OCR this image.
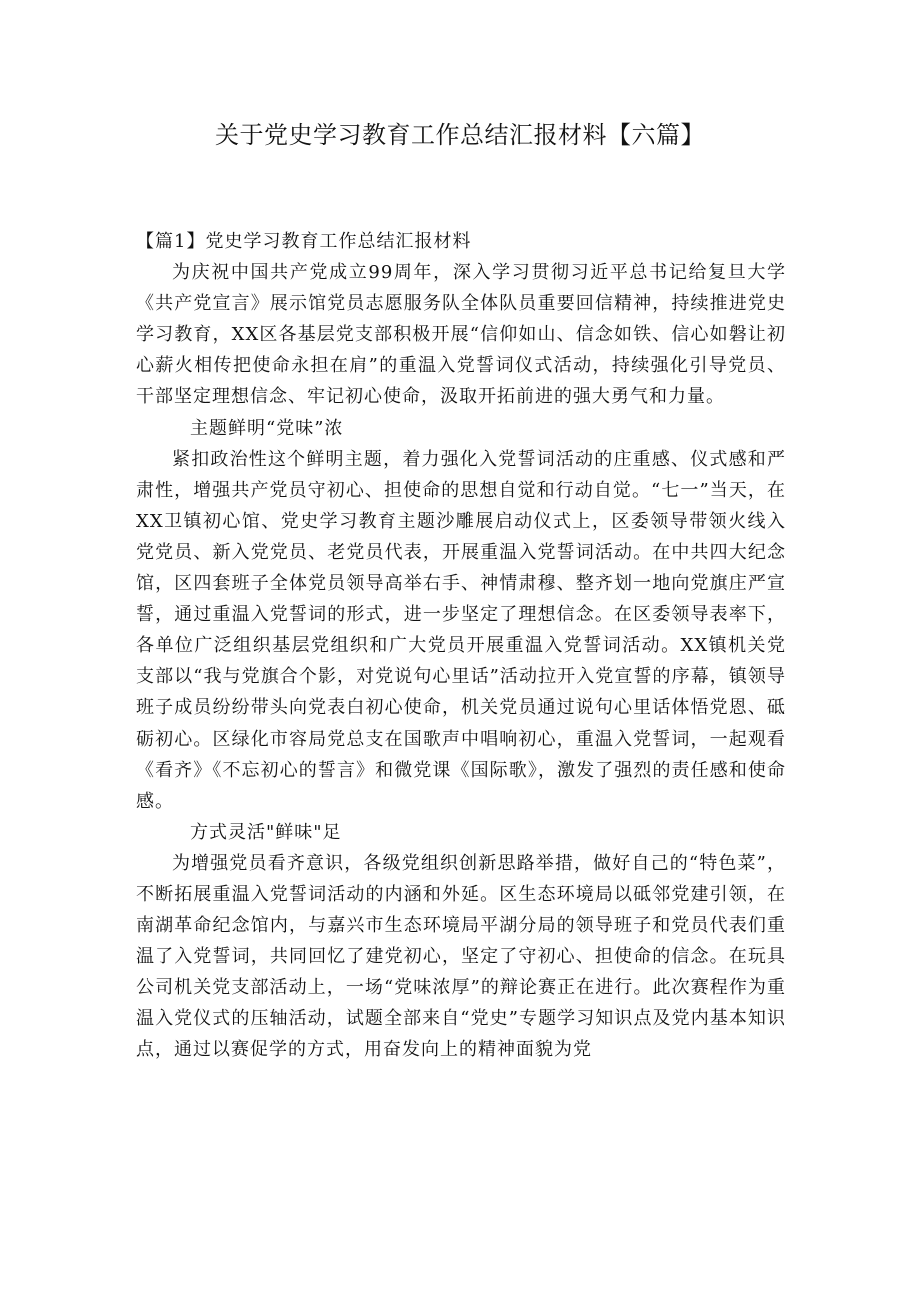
关于党史学习教育工作总结汇报材料【六篇】

【篇1】党史学习教育工作总结汇报材料

为庆祝中国共产党成立99周年，深入学习贯彻习近平总书记给复旦大学《共产党宣言》展示馆党员志愿服务队全体队员重要回信精神，持续推进党史学习教育，XX区各基层党支部积极开展“信仰如山、信念如铁、信心如磐让初心薪火相传把使命永担在肩”的重温入党誓词仪式活动，持续强化引导党员、干部坚定理想信念、牢记初心使命，汲取开拓前进的强大勇气和力量。

主题鲜明“党味”浓

紧扣政治性这个鲜明主题，着力强化入党誓词活动的庄重感、仪式感和严肃性，增强共产党员守初心、担使命的思想自觉和行动自觉。“七一”当天，在XX卫镇初心馆、党史学习教育主题沙雕展启动仪式上，区委领导带领火线入党党员、新入党党员、老党员代表，开展重温入党誓词活动。在中共四大纪念馆，区四套班子全体党员领导高举右手、神情肃穆、整齐划一地向党旗庄严宣誓，通过重温入党誓词的形式，进一步坚定了理想信念。在区委领导表率下，各单位广泛组织基层党组织和广大党员开展重温入党誓词活动。XX镇机关党支部以“我与党旗合个影，对党说句心里话”活动拉开入党宣誓的序幕，镇领导班子成员纷纷带头向党表白初心使命，机关党员通过说句心里话体悟党恩、砥砺初心。区绿化市容局党总支在国歌声中唱响初心，重温入党誓词，一起观看《看齐》《不忘初心的誓言》和微党课《国际歌》，激发了强烈的责任感和使命感。

方式灵活"鲜味"足

为增强党员看齐意识，各级党组织创新思路举措，做好自己的“特色菜”，不断拓展重温入党誓词活动的内涵和外延。区生态环境局以砥邻党建引领，在南湖革命纪念馆内，与嘉兴市生态环境局平湖分局的领导班子和党员代表们重温了入党誓词，共同回忆了建党初心，坚定了守初心、担使命的信念。在玩具公司机关党支部活动上，一场“党味浓厚”的辩论赛正在进行。此次赛程作为重温入党仪式的压轴活动，试题全部来自“党史”专题学习知识点及党内基本知识点，通过以赛促学的方式，用奋发向上的精神面貌为党
